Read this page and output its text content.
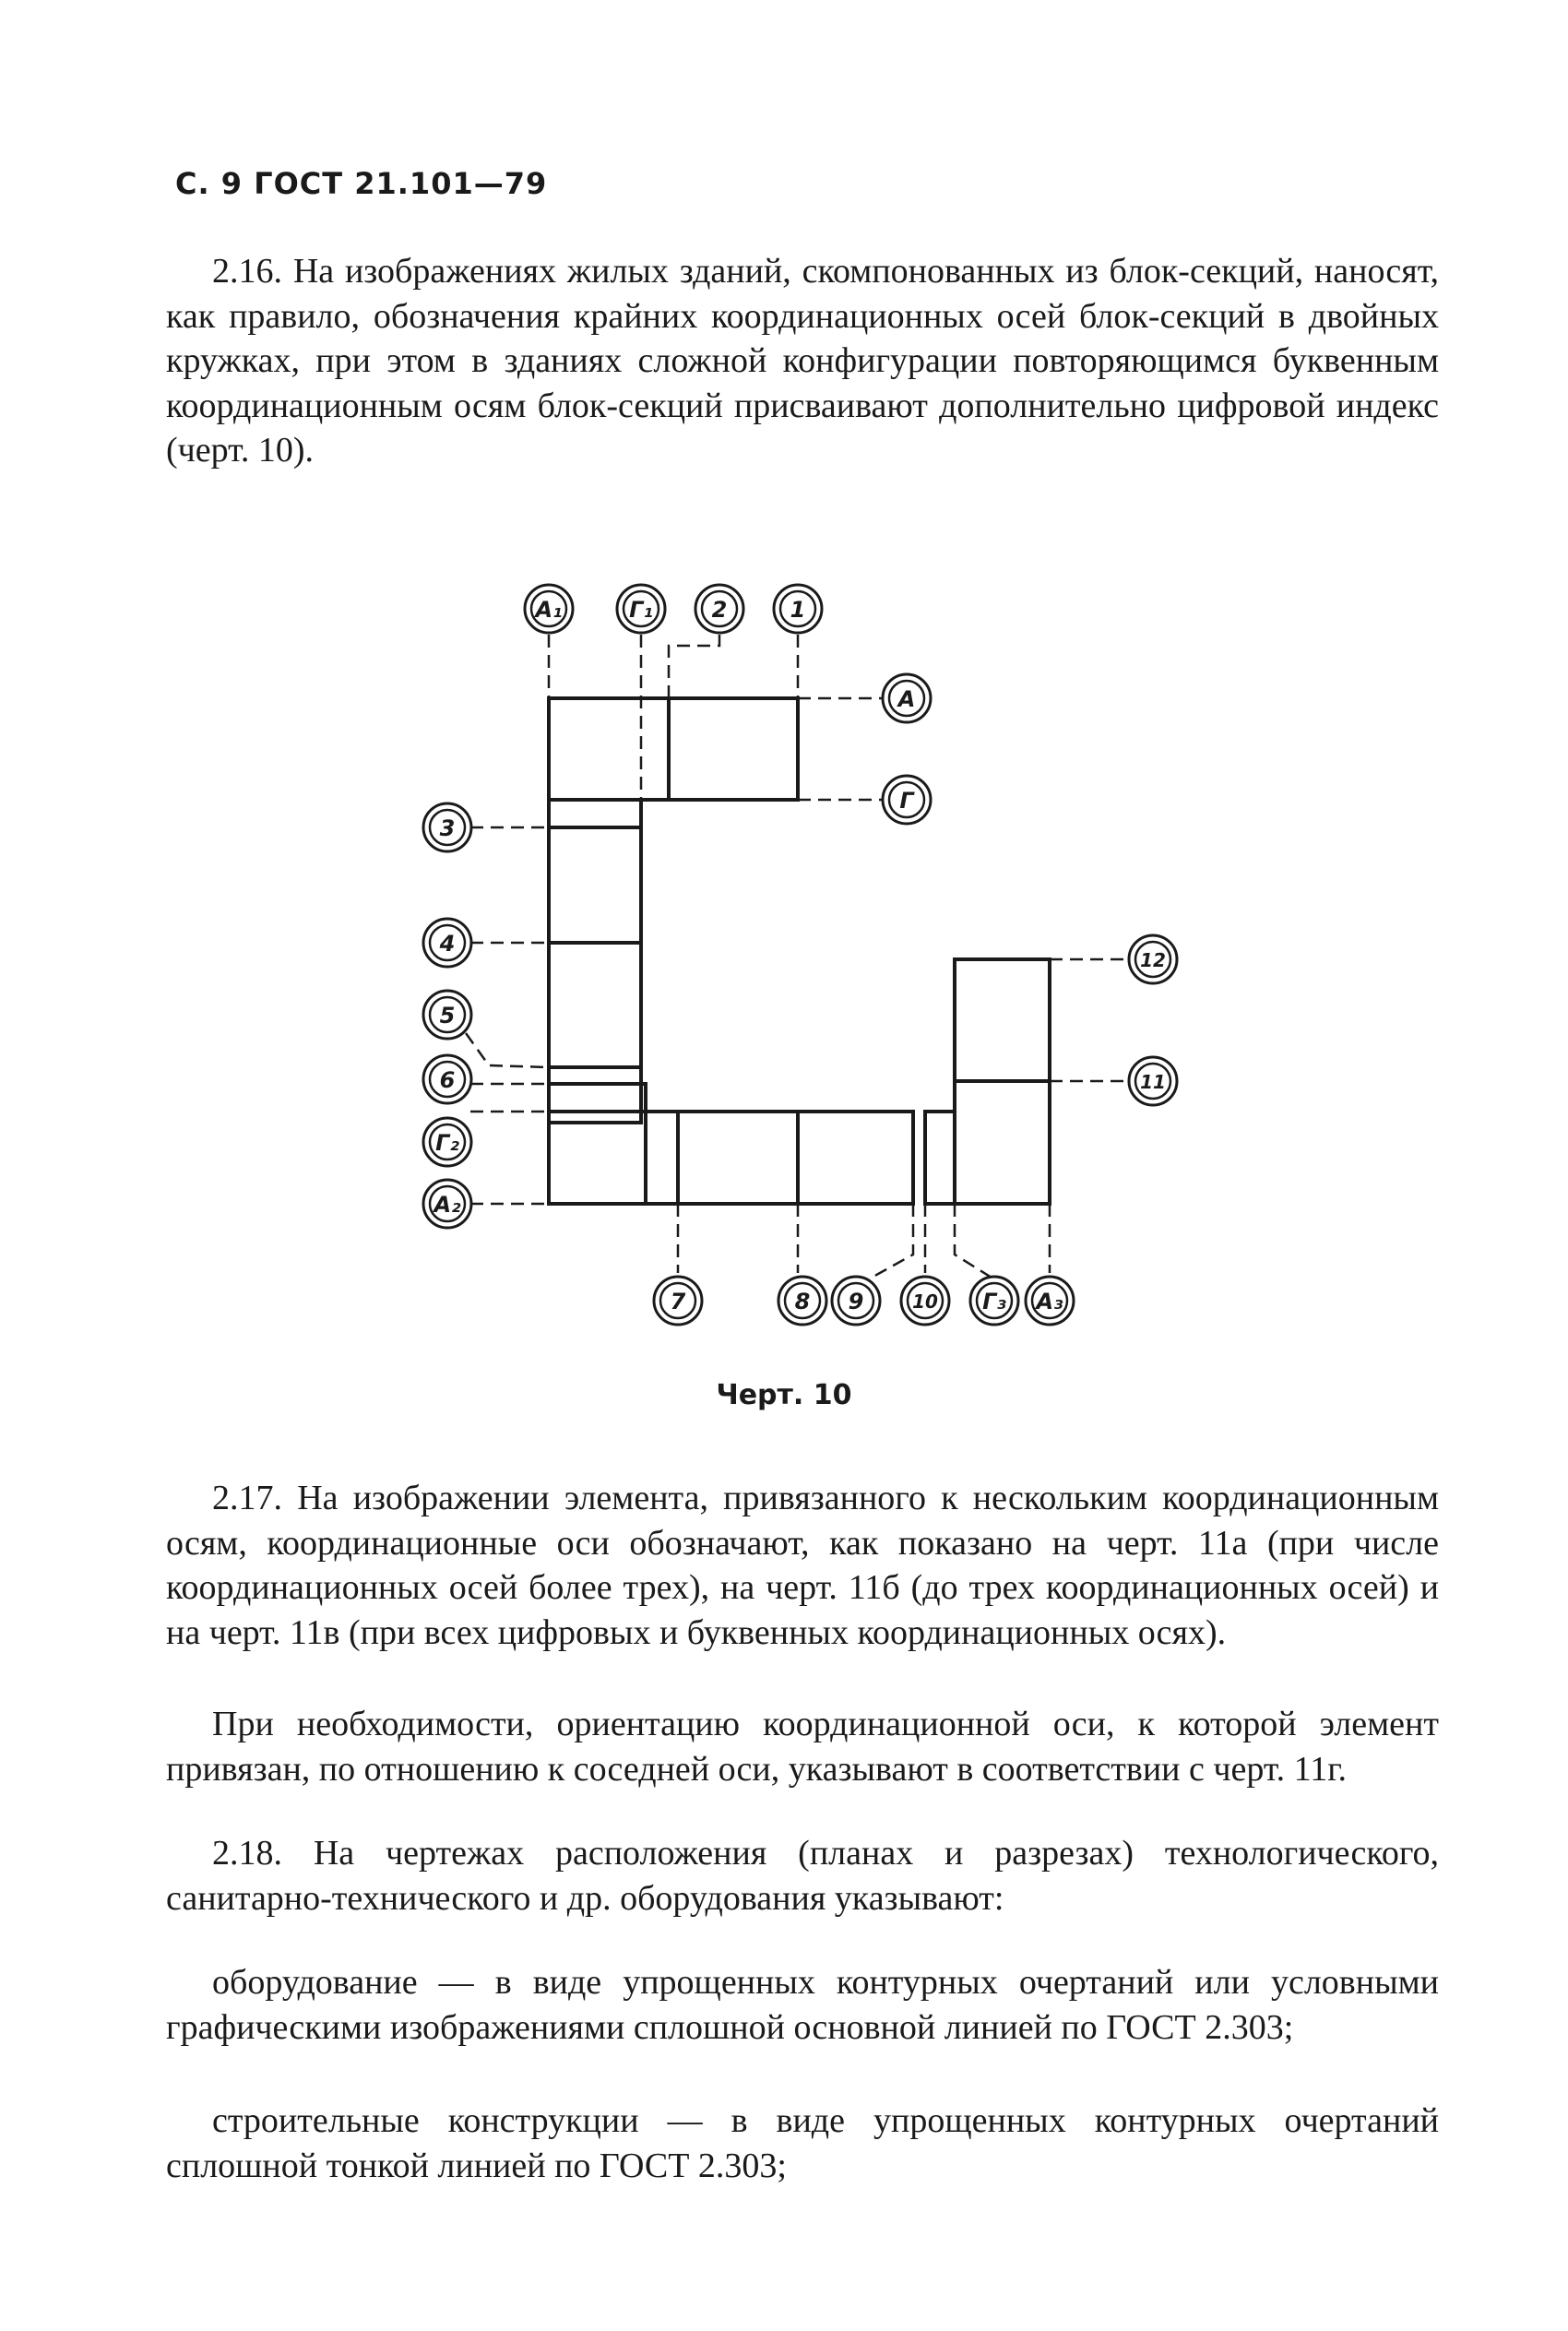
С. 9 ГОСТ 21.101—79
2.16. На изображениях жилых зданий, скомпонованных из блок-секций, наносят, как правило, обозначения крайних координационных осей блок-секций в двойных кружках, при этом в зданиях сложной конфигурации повторяющимся буквенным координационным осям блок-секций присваивают дополнительно цифровой индекс (черт. 10).
А₁	Г₁	2	1
А
Г
3
4
5
6
Г₂
А₂
12
11
7	8 9	10 Г₃ А₃
Черт. 10
2.17. На изображении элемента, привязанного к нескольким координационным осям, координационные оси обозначают, как показано на черт. 11а (при числе координационных осей более трех), на черт. 11б (до трех координационных осей) и на черт. 11в (при всех цифровых и буквенных координационных осях).
При необходимости, ориентацию координационной оси, к которой элемент привязан, по отношению к соседней оси, указывают в соответствии с черт. 11г.
2.18. На чертежах расположения (планах и разрезах) технологического, санитарно-технического и др. оборудования указывают:
оборудование — в виде упрощенных контурных очертаний или условными графическими изображениями сплошной основной линией по ГОСТ 2.303;
строительные конструкции — в виде упрощенных контурных очертаний сплошной тонкой линией по ГОСТ 2.303;
